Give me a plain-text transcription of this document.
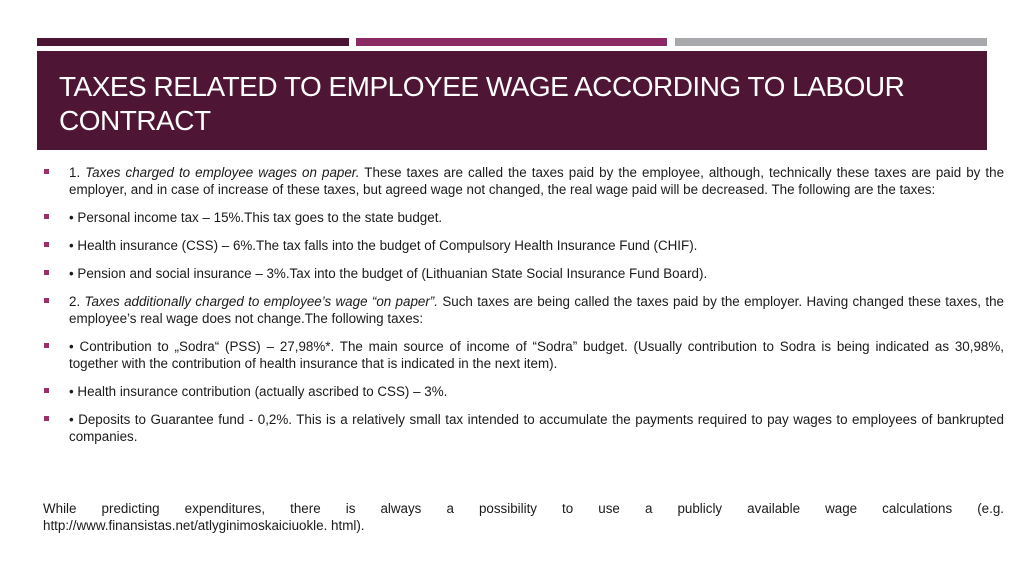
TAXES RELATED TO EMPLOYEE WAGE ACCORDING TO LABOUR CONTRACT
1. Taxes charged to employee wages on paper. These taxes are called the taxes paid by the employee, although, technically these taxes are paid by the employer, and in case of increase of these taxes, but agreed wage not changed, the real wage paid will be decreased. The following are the taxes:
• Personal income tax – 15%.This tax goes to the state budget.
• Health insurance (CSS) – 6%.The tax falls into the budget of Compulsory Health Insurance Fund (CHIF).
• Pension and social insurance – 3%.Tax into the budget of (Lithuanian State Social Insurance Fund Board).
2. Taxes additionally charged to employee’s wage “on paper”. Such taxes are being called the taxes paid by the employer. Having changed these taxes, the employee’s real wage does not change.The following taxes:
• Contribution to „Sodra“ (PSS) – 27,98%*. The main source of income of “Sodra” budget. (Usually contribution to Sodra is being indicated as 30,98%, together with the contribution of health insurance that is indicated in the next item).
• Health insurance contribution (actually ascribed to CSS) – 3%.
• Deposits to Guarantee fund - 0,2%. This is a relatively small tax intended to accumulate the payments required to pay wages to employees of bankrupted companies.
While predicting expenditures, there is always a possibility to use a publicly available wage calculations (e.g.
http://www.finansistas.net/atlyginimoskaiciuokle. html).
